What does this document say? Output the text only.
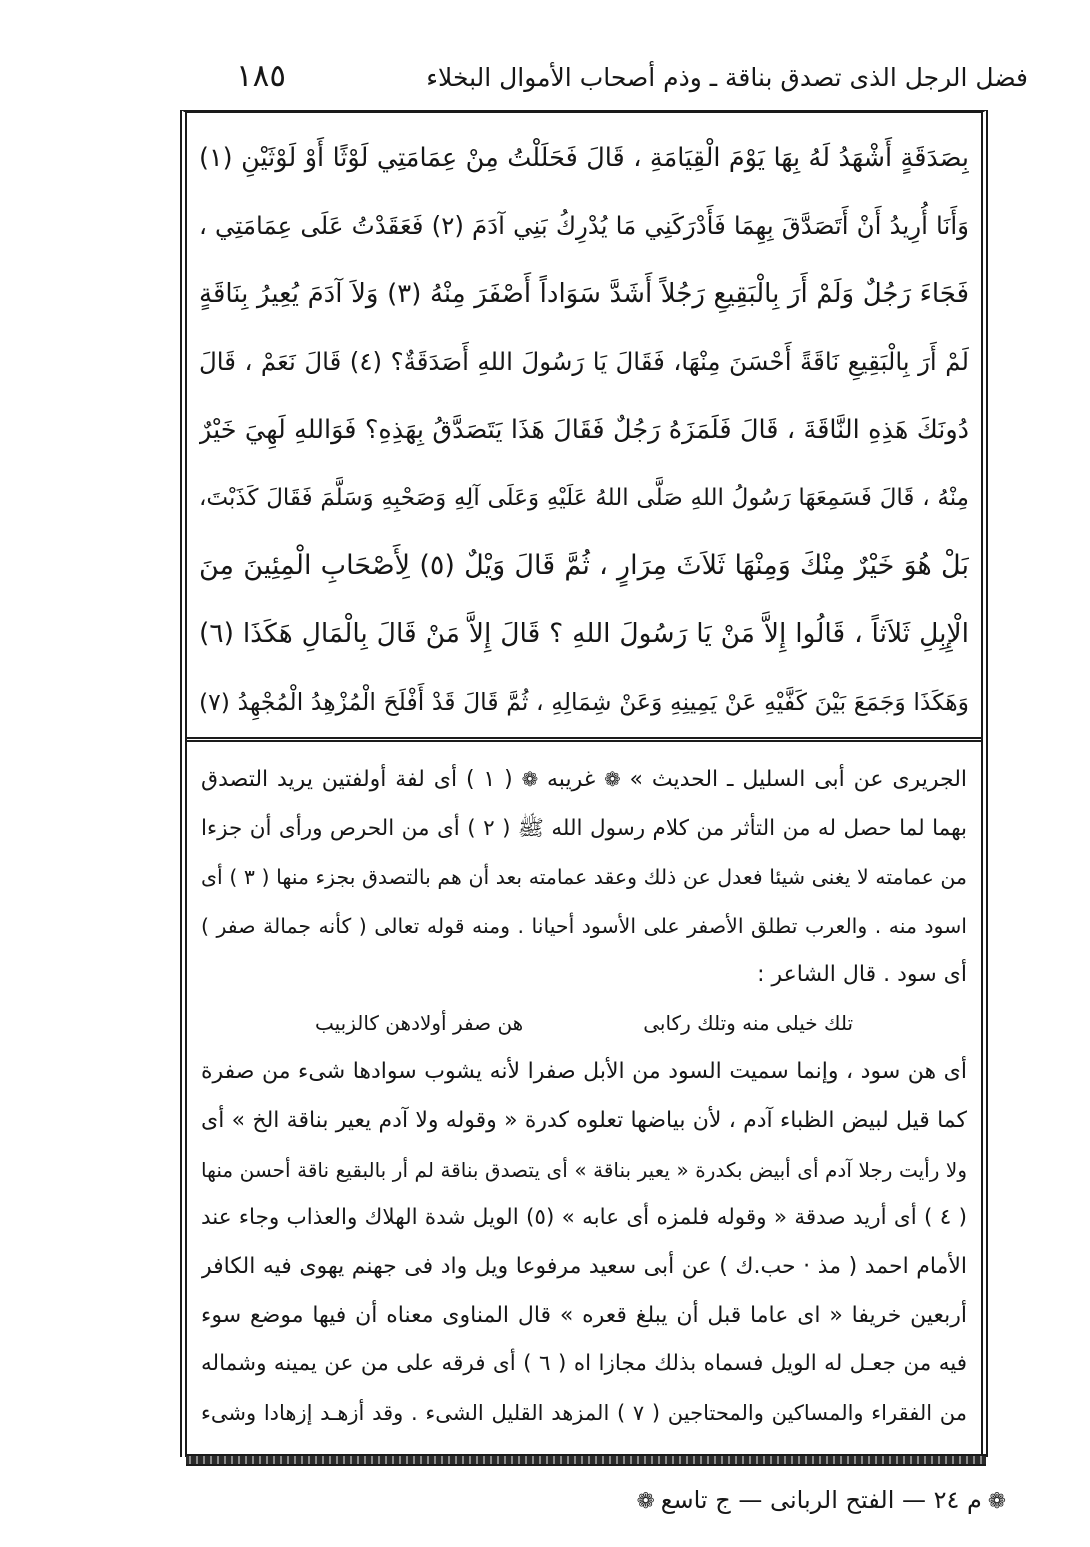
فضل الرجل الذى تصدق بناقة ـ وذم أصحاب الأموال البخلاء
١٨٥
بِصَدَقَةٍ أَشْهَدُ لَهُ بِهَا يَوْمَ الْقِيَامَةِ ، قَالَ فَحَلَلْتُ مِنْ عِمَامَتِي لَوْثًا أَوْ لَوْثَيْنِ (١)
وَأَنَا أُرِيدُ أَنْ أَتَصَدَّقَ بِهِمَا فَأَدْرَكَنِي مَا يُدْرِكُ بَنِي آدَمَ (٢) فَعَقَدْتُ عَلَى عِمَامَتِي ،
فَجَاءَ رَجُلٌ وَلَمْ أَرَ بِالْبَقِيعِ رَجُلاً أَشَدَّ سَوَاداً أَصْفَرَ مِنْهُ (٣) وَلاَ آدَمَ يُعِيرُ بِنَاقَةٍ
لَمْ أَرَ بِالْبَقِيعِ نَاقَةً أَحْسَنَ مِنْهَا، فَقَالَ يَا رَسُولَ اللهِ أَصَدَقَةٌ؟ (٤) قَالَ نَعَمْ ، قَالَ
دُونَكَ هَذِهِ النَّاقَةَ ، قَالَ فَلَمَزَهُ رَجُلٌ فَقَالَ هَذَا يَتَصَدَّقُ بِهَذِهِ؟ فَوَاللهِ لَهِيَ خَيْرٌ
مِنْهُ ، قَالَ فَسَمِعَهَا رَسُولُ اللهِ صَلَّى اللهُ عَلَيْهِ وَعَلَى آلِهِ وَصَحْبِهِ وَسَلَّمَ فَقَالَ كَذَبْتَ،
بَلْ هُوَ خَيْرٌ مِنْكَ وَمِنْهَا ثَلاَثَ مِرَارٍ ، ثُمَّ قَالَ وَيْلٌ (٥) لِأَصْحَابِ الْمِئِينَ مِنَ
الْإِبِلِ ثَلاَثاً ، قَالُوا إِلاَّ مَنْ يَا رَسُولَ اللهِ ؟ قَالَ إِلاَّ مَنْ قَالَ بِالْمَالِ هَكَذَا (٦)
وَهَكَذَا وَجَمَعَ بَيْنَ كَفَّيْهِ عَنْ يَمِينِهِ وَعَنْ شِمَالِهِ ، ثُمَّ قَالَ قَدْ أَفْلَحَ الْمُزْهِدُ الْمُجْهِدُ (٧)
الجريرى عن أبى السليل ـ الحديث » ❁ غريبه ❁ ( ١ ) أى لفة أولفتين يريد التصدق
بهما لما حصل له من التأثر من كلام رسول الله ﷺ ( ٢ ) أى من الحرص ورأى أن جزءا
من عمامته لا يغنى شيئا فعدل عن ذلك وعقد عمامته بعد أن هم بالتصدق بجزء منها ( ٣ ) أى
اسود منه . والعرب تطلق الأصفر على الأسود أحيانا . ومنه قوله تعالى ( كأنه جمالة صفر )
أى سود . قال الشاعر :
تلك خيلى منه وتلك ركابى
هن صفر أولادهن كالزبيب
أى هن سود ، وإنما سميت السود من الأبل صفرا لأنه يشوب سوادها شىء من صفرة
كما قيل لبيض الظباء آدم ، لأن بياضها تعلوه كدرة « وقوله ولا آدم يعير بناقة الخ » أى
ولا رأيت رجلا آدم أى أبيض بكدرة « يعير بناقة » أى يتصدق بناقة لم أر بالبقيع ناقة أحسن منها
( ٤ ) أى أريد صدقة « وقوله فلمزه أى عابه » (٥) الويل شدة الهلاك والعذاب وجاء عند
الأمام احمد ( مذ · حب.ك ) عن أبى سعيد مرفوعا ويل واد فى جهنم يهوى فيه الكافر
أربعين خريفا « اى عاما قبل أن يبلغ قعره » قال المناوى معناه أن فيها موضع سوء
فيه من جعـل له الويل فسماه بذلك مجازا اه ( ٦ ) أى فرقه على من عن يمينه وشماله
من الفقراء والمساكين والمحتاجين ( ٧ ) المزهد القليل الشىء . وقد أزهـد إزهادا وشىء
❁م ٢٤ — الفتح الربانى — ج تاسع❁
